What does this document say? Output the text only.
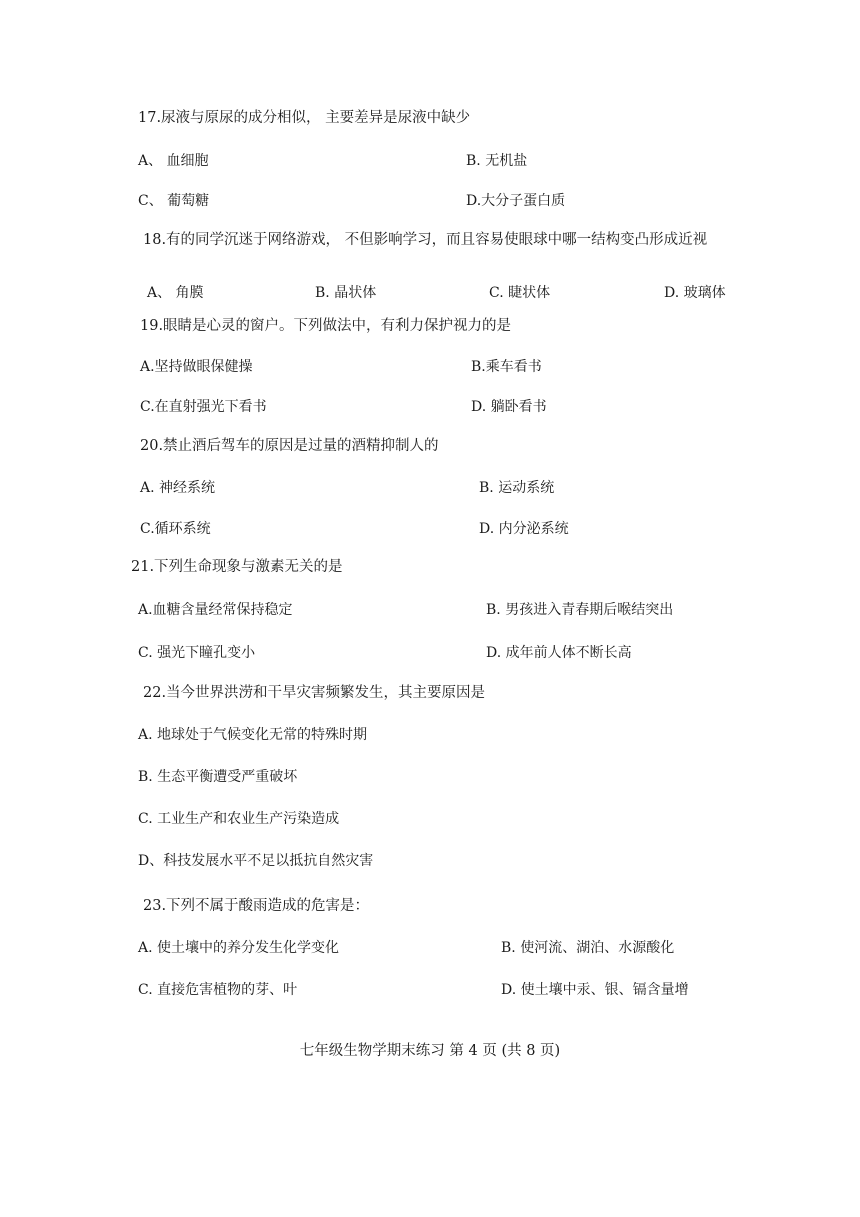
17.尿液与原尿的成分相似， 主要差异是尿液中缺少
A、 血细胞	B. 无机盐
C、 葡萄糖	D.大分子蛋白质
18.有的同学沉迷于网络游戏， 不但影响学习，而且容易使眼球中哪一结构变凸形成近视
A、 角膜	B. 晶状体	C. 睫状体	D. 玻璃体
19.眼睛是心灵的窗户。下列做法中，有利力保护视力的是
A.坚持做眼保健操	B.乘车看书
C.在直射强光下看书	D. 躺卧看书
20.禁止酒后驾车的原因是过量的酒精抑制人的
A. 神经系统	B. 运动系统
C.循环系统	D. 内分泌系统
21.下列生命现象与激素无关的是
A.血糖含量经常保持稳定	B. 男孩进入青春期后喉结突出
C. 强光下瞳孔变小	D. 成年前人体不断长高
22.当今世界洪涝和干旱灾害频繁发生，其主要原因是
A. 地球处于气候变化无常的特殊时期
B. 生态平衡遭受严重破坏
C. 工业生产和农业生产污染造成
D、科技发展水平不足以抵抗自然灾害
23.下列不属于酸雨造成的危害是：
A. 使土壤中的养分发生化学变化	B. 使河流、湖泊、水源酸化
C. 直接危害植物的芽、叶	D. 使土壤中汞、银、镉含量增
七年级生物学期末练习 第 4 页 (共 8 页)
